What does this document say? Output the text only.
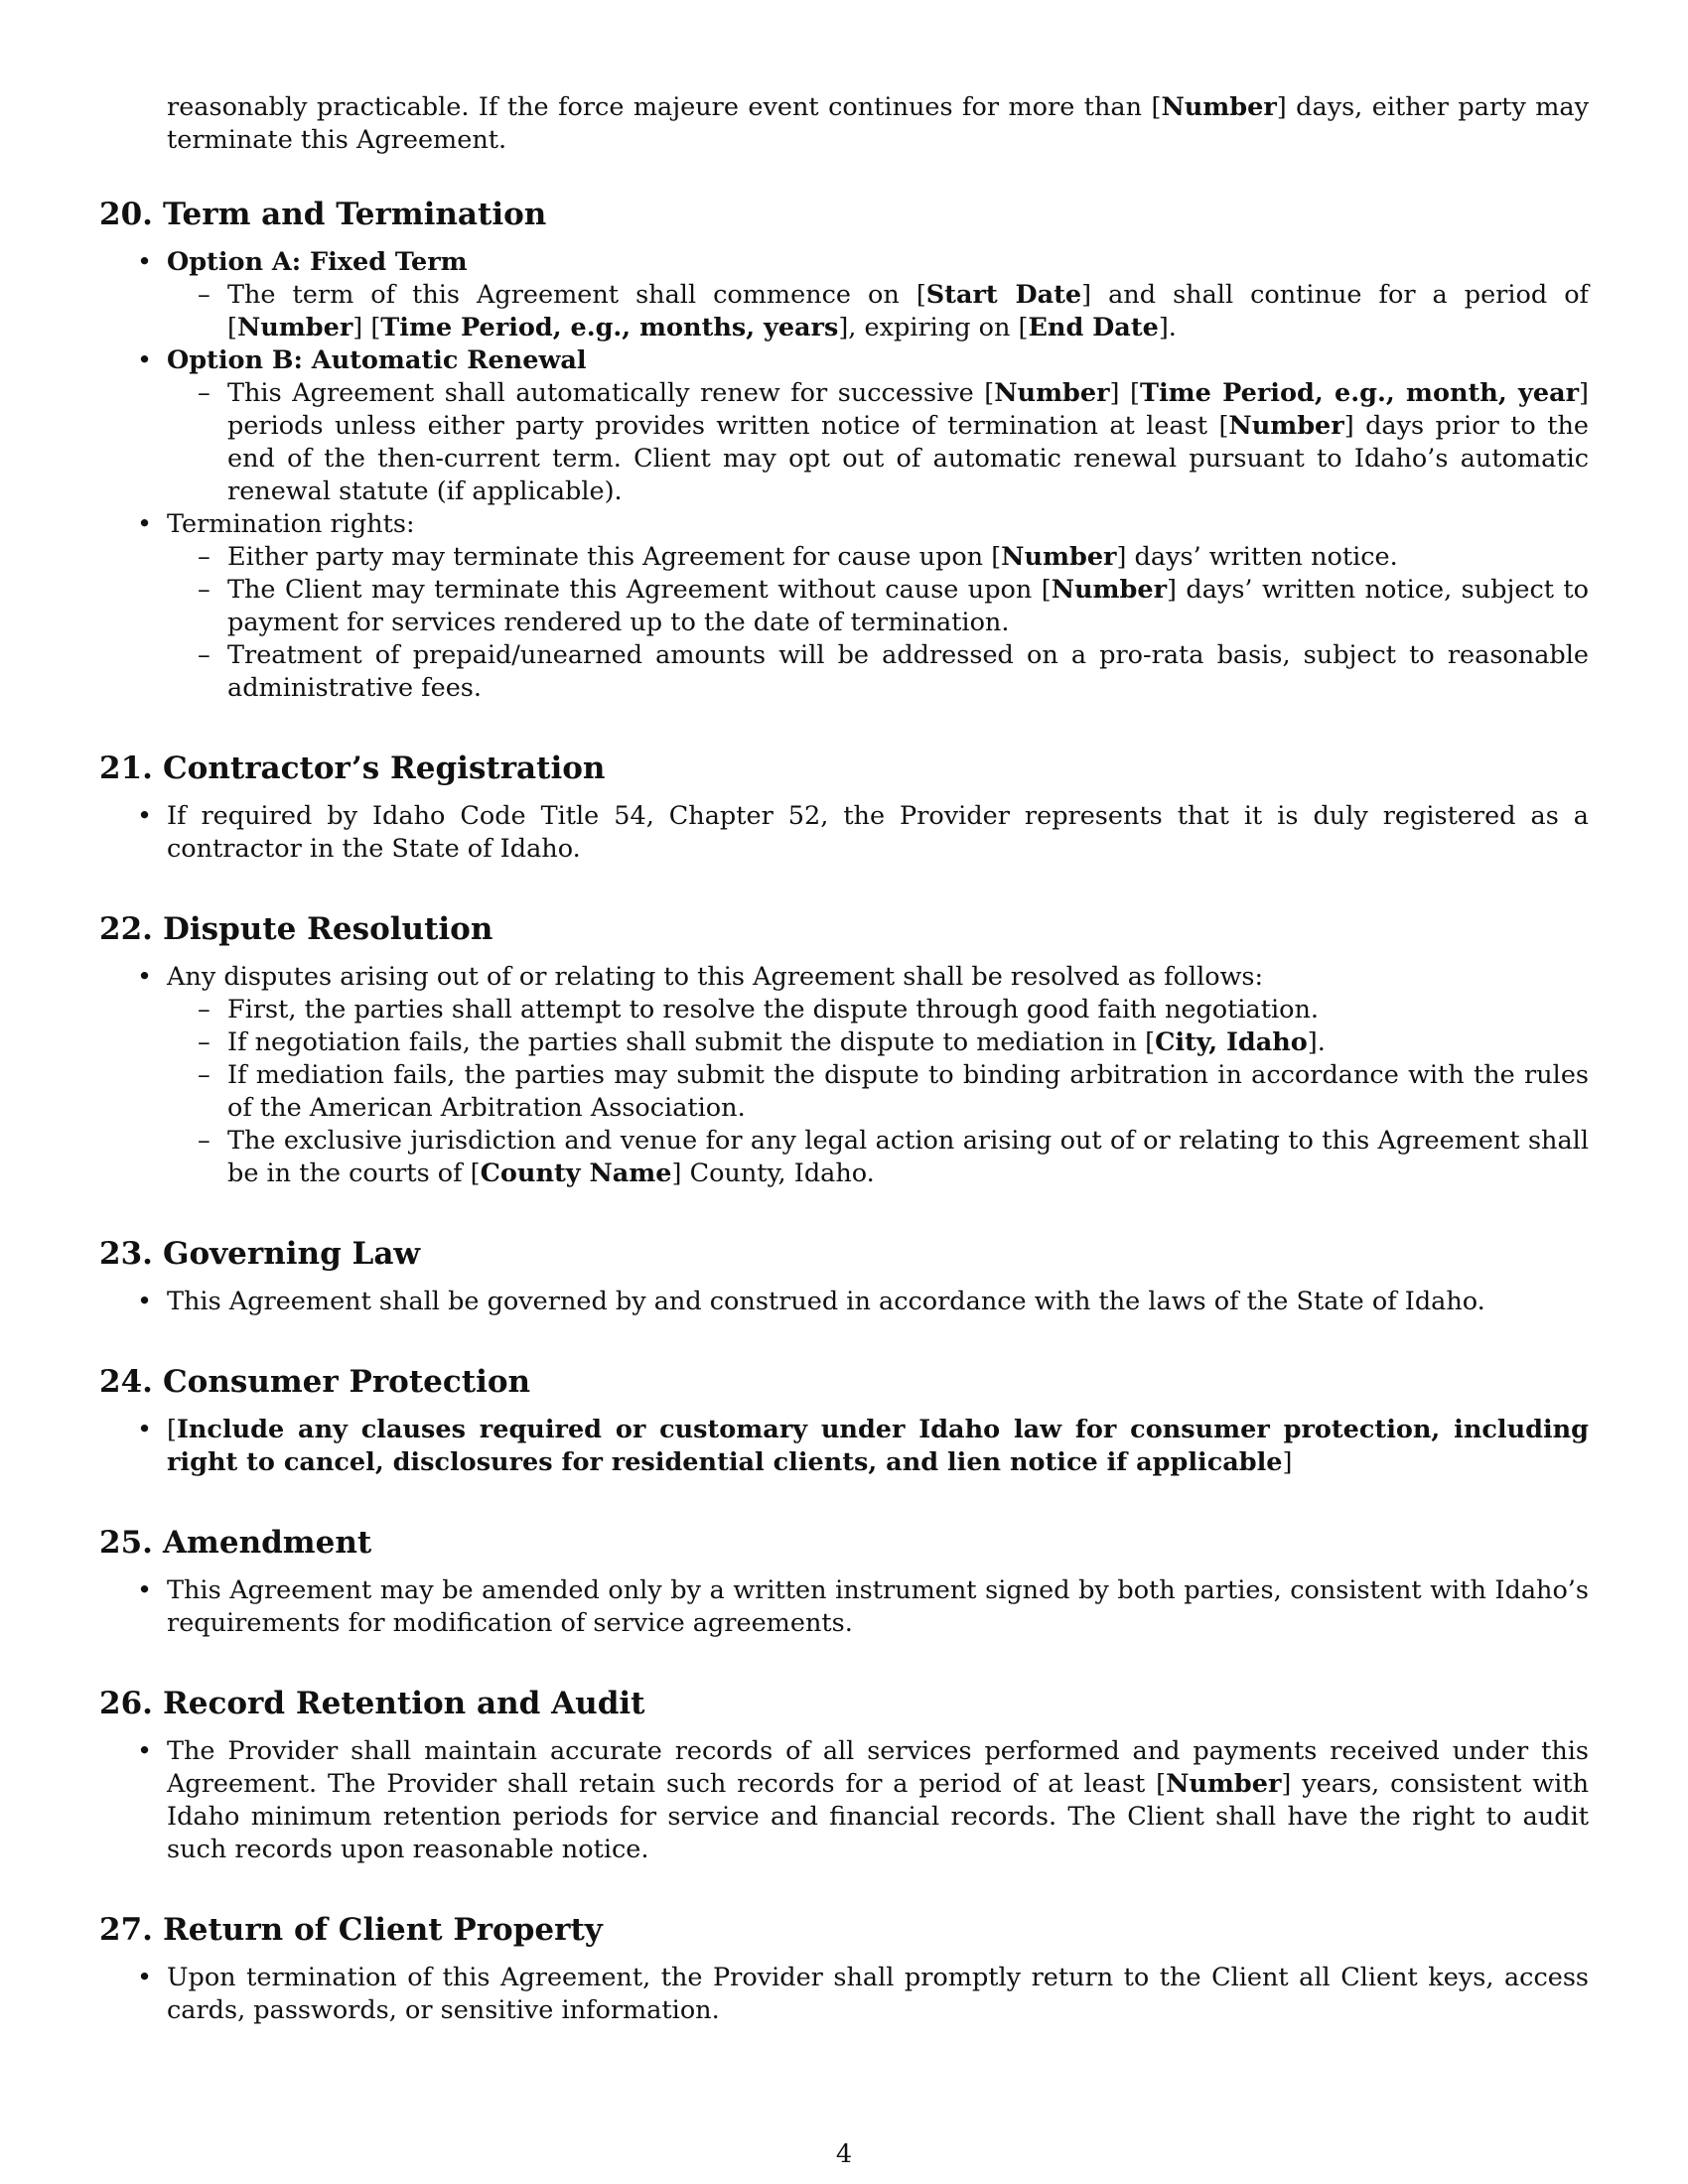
reasonably practicable. If the force majeure event continues for more than [Number] days, either party may terminate this Agreement.

20. Term and Termination
• Option A: Fixed Term
– The term of this Agreement shall commence on [Start Date] and shall continue for a period of [Number] [Time Period, e.g., months, years], expiring on [End Date].
• Option B: Automatic Renewal
– This Agreement shall automatically renew for successive [Number] [Time Period, e.g., month, year] periods unless either party provides written notice of termination at least [Number] days prior to the end of the then-current term. Client may opt out of automatic renewal pursuant to Idaho’s automatic renewal statute (if applicable).
• Termination rights:
– Either party may terminate this Agreement for cause upon [Number] days’ written notice.
– The Client may terminate this Agreement without cause upon [Number] days’ written notice, subject to payment for services rendered up to the date of termination.
– Treatment of prepaid/unearned amounts will be addressed on a pro-rata basis, subject to reasonable administrative fees.
21. Contractor’s Registration
• If required by Idaho Code Title 54, Chapter 52, the Provider represents that it is duly registered as a contractor in the State of Idaho.
22. Dispute Resolution
• Any disputes arising out of or relating to this Agreement shall be resolved as follows:
– First, the parties shall attempt to resolve the dispute through good faith negotiation.
– If negotiation fails, the parties shall submit the dispute to mediation in [City, Idaho].
– If mediation fails, the parties may submit the dispute to binding arbitration in accordance with the rules of the American Arbitration Association.
– The exclusive jurisdiction and venue for any legal action arising out of or relating to this Agreement shall be in the courts of [County Name] County, Idaho.
23. Governing Law
• This Agreement shall be governed by and construed in accordance with the laws of the State of Idaho.
24. Consumer Protection
• [Include any clauses required or customary under Idaho law for consumer protection, including right to cancel, disclosures for residential clients, and lien notice if applicable]
25. Amendment
• This Agreement may be amended only by a written instrument signed by both parties, consistent with Idaho’s requirements for modification of service agreements.
26. Record Retention and Audit
• The Provider shall maintain accurate records of all services performed and payments received under this Agreement. The Provider shall retain such records for a period of at least [Number] years, consistent with Idaho minimum retention periods for service and financial records. The Client shall have the right to audit such records upon reasonable notice.
27. Return of Client Property
• Upon termination of this Agreement, the Provider shall promptly return to the Client all Client keys, access cards, passwords, or sensitive information.
4
